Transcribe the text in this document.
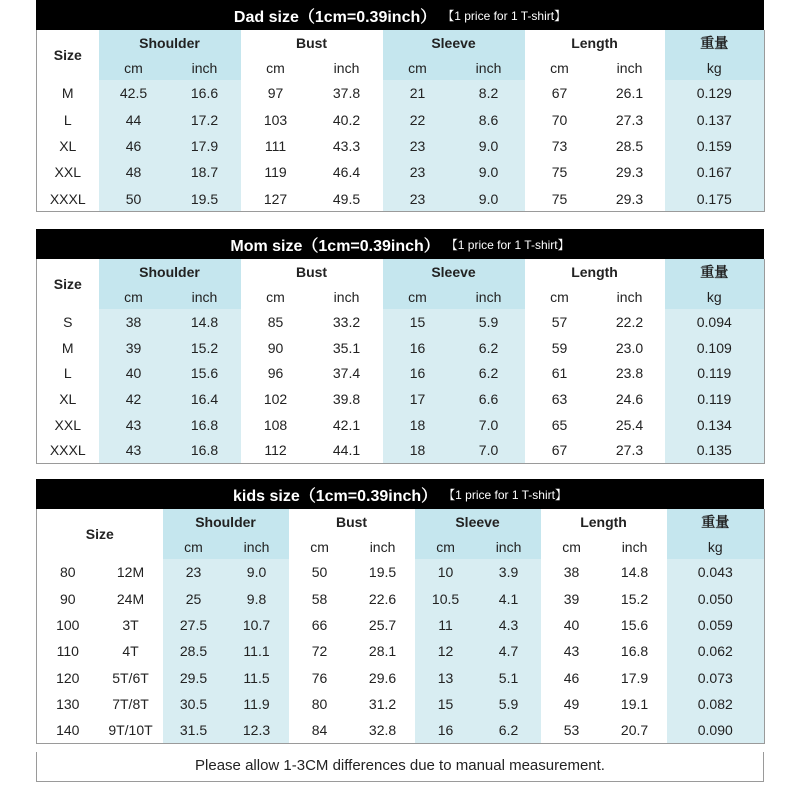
Dad size（1cm=0.39inch） 【1 price for 1 T-shirt】
Size	Shoulder		Bust		Sleeve		Length		重量
	cm	inch	cm	inch	cm	inch	cm	inch	kg
M	42.5	16.6	97	37.8	21	8.2	67	26.1	0.129
L	44	17.2	103	40.2	22	8.6	70	27.3	0.137
XL	46	17.9	111	43.3	23	9.0	73	28.5	0.159
XXL	48	18.7	119	46.4	23	9.0	75	29.3	0.167
XXXL	50	19.5	127	49.5	23	9.0	75	29.3	0.175
Mom size（1cm=0.39inch） 【1 price for 1 T-shirt】
Size	Shoulder		Bust		Sleeve		Length		重量
	cm	inch	cm	inch	cm	inch	cm	inch	kg
S	38	14.8	85	33.2	15	5.9	57	22.2	0.094
M	39	15.2	90	35.1	16	6.2	59	23.0	0.109
L	40	15.6	96	37.4	16	6.2	61	23.8	0.119
XL	42	16.4	102	39.8	17	6.6	63	24.6	0.119
XXL	43	16.8	108	42.1	18	7.0	65	25.4	0.134
XXXL	43	16.8	112	44.1	18	7.0	67	27.3	0.135
kids size（1cm=0.39inch） 【1 price for 1 T-shirt】
Size		Shoulder		Bust		Sleeve		Length		重量
		cm	inch	cm	inch	cm	inch	cm	inch	kg
80	12M	23	9.0	50	19.5	10	3.9	38	14.8	0.043
90	24M	25	9.8	58	22.6	10.5	4.1	39	15.2	0.050
100	3T	27.5	10.7	66	25.7	11	4.3	40	15.6	0.059
110	4T	28.5	11.1	72	28.1	12	4.7	43	16.8	0.062
120	5T/6T	29.5	11.5	76	29.6	13	5.1	46	17.9	0.073
130	7T/8T	30.5	11.9	80	31.2	15	5.9	49	19.1	0.082
140	9T/10T	31.5	12.3	84	32.8	16	6.2	53	20.7	0.090
Please allow 1-3CM differences due to manual measurement.
